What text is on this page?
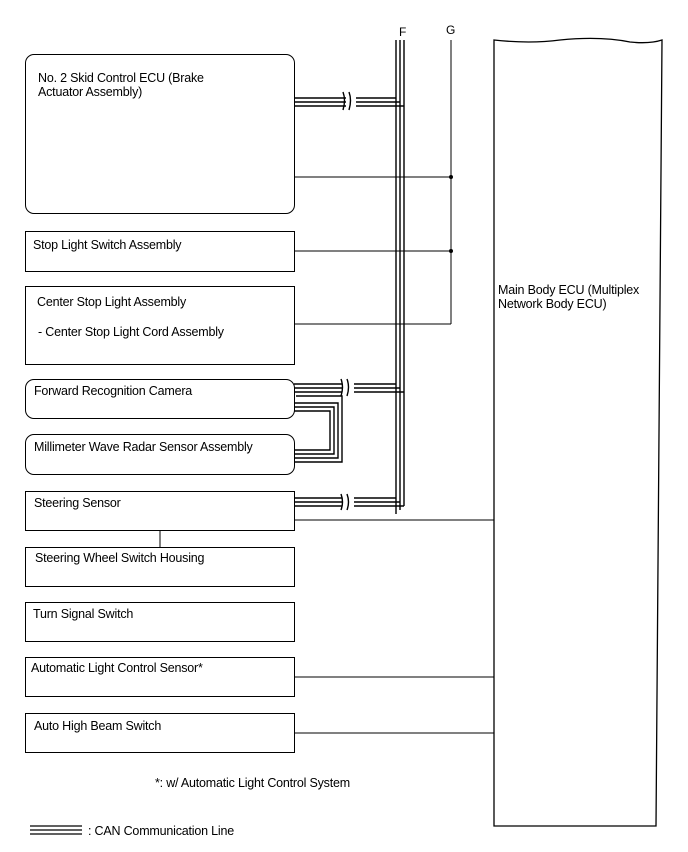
F	G
No. 2 Skid Control ECU (Brake
Actuator Assembly)
Stop Light Switch Assembly
Center Stop Light Assembly
- Center Stop Light Cord Assembly
Forward Recognition Camera
Millimeter Wave Radar Sensor Assembly
Steering Sensor
Steering Wheel Switch Housing
Turn Signal Switch
Automatic Light Control Sensor*
Auto High Beam Switch
Main Body ECU (Multiplex
Network Body ECU)
*: w/ Automatic Light Control System
: CAN Communication Line
